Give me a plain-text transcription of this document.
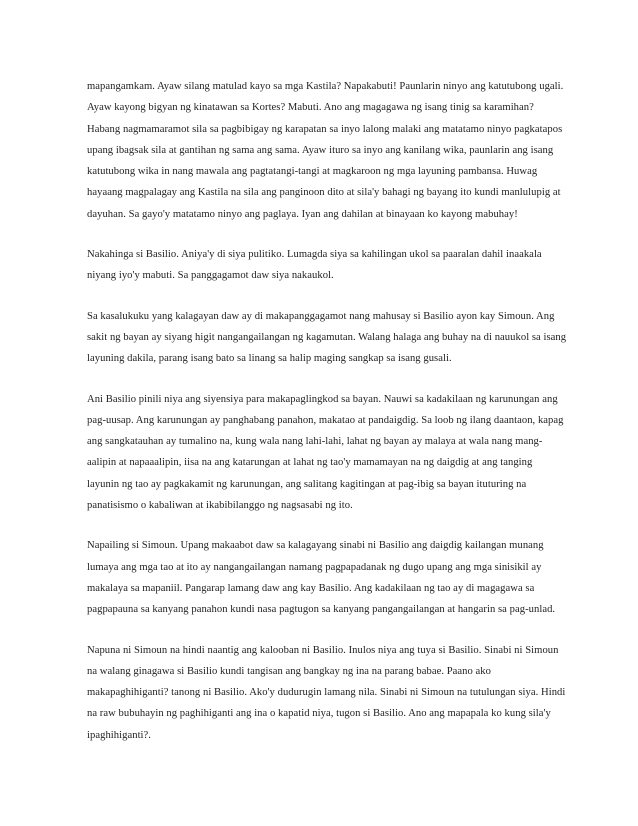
mapangamkam. Ayaw silang matulad kayo sa mga Kastila? Napakabuti! Paunlarin ninyo ang katutubong ugali. Ayaw kayong bigyan ng kinatawan sa Kortes? Mabuti. Ano ang magagawa ng isang tinig sa karamihan? Habang nagmamaramot sila sa pagbibigay ng karapatan sa inyo lalong malaki ang matatamo ninyo pagkatapos upang ibagsak sila at gantihan ng sama ang sama. Ayaw ituro sa inyo ang kanilang wika, paunlarin ang isang katutubong wika in nang mawala ang pagtatangi-tangi at magkaroon ng mga layuning pambansa. Huwag hayaang magpalagay ang Kastila na sila ang panginoon dito at sila'y bahagi ng bayang ito kundi manlulupig at dayuhan. Sa gayo'y matatamo ninyo ang paglaya. Iyan ang dahilan at binayaan ko kayong mabuhay!

Nakahinga si Basilio. Aniya'y di siya pulitiko. Lumagda siya sa kahilingan ukol sa paaralan dahil inaakala niyang iyo'y mabuti. Sa panggagamot daw siya nakaukol.

Sa kasalukuku yang kalagayan daw ay di makapanggagamot nang mahusay si Basilio ayon kay Simoun. Ang sakit ng bayan ay siyang higit nangangailangan ng kagamutan. Walang halaga ang buhay na di nauukol sa isang layuning dakila, parang isang bato sa linang sa halip maging sangkap sa isang gusali.

Ani Basilio pinili niya ang siyensiya para makapaglingkod sa bayan. Nauwi sa kadakilaan ng karunungan ang pag-uusap. Ang karunungan ay panghabang panahon, makatao at pandaigdig. Sa loob ng ilang daantaon, kapag ang sangkatauhan ay tumalino na, kung wala nang lahi-lahi, lahat ng bayan ay malaya at wala nang mang-aalipin at napaaalipin, iisa na ang katarungan at lahat ng tao'y mamamayan na ng daigdig at ang tanging layunin ng tao ay pagkakamit ng karunungan, ang salitang kagitingan at pag-ibig sa bayan ituturing na panatisismo o kabaliwan at ikabibilanggo ng nagsasabi ng ito.

Napailing si Simoun. Upang makaabot daw sa kalagayang sinabi ni Basilio ang daigdig kailangan munang lumaya ang mga tao at ito ay nangangailangan namang pagpapadanak ng dugo upang ang mga sinisikil ay makalaya sa mapaniil. Pangarap lamang daw ang kay Basilio. Ang kadakilaan ng tao ay di magagawa sa pagpapauna sa kanyang panahon kundi nasa pagtugon sa kanyang pangangailangan at hangarin sa pag-unlad.

Napuna ni Simoun na hindi naantig ang kalooban ni Basilio. Inulos niya ang tuya si Basilio. Sinabi ni Simoun na walang ginagawa si Basilio kundi tangisan ang bangkay ng ina na parang babae. Paano ako makapaghihiganti? tanong ni Basilio. Ako'y dudurugin lamang nila. Sinabi ni Simoun na tutulungan siya. Hindi na raw bubuhayin ng paghihiganti ang ina o kapatid niya, tugon si Basilio. Ano ang mapapala ko kung sila'y ipaghihiganti?.
